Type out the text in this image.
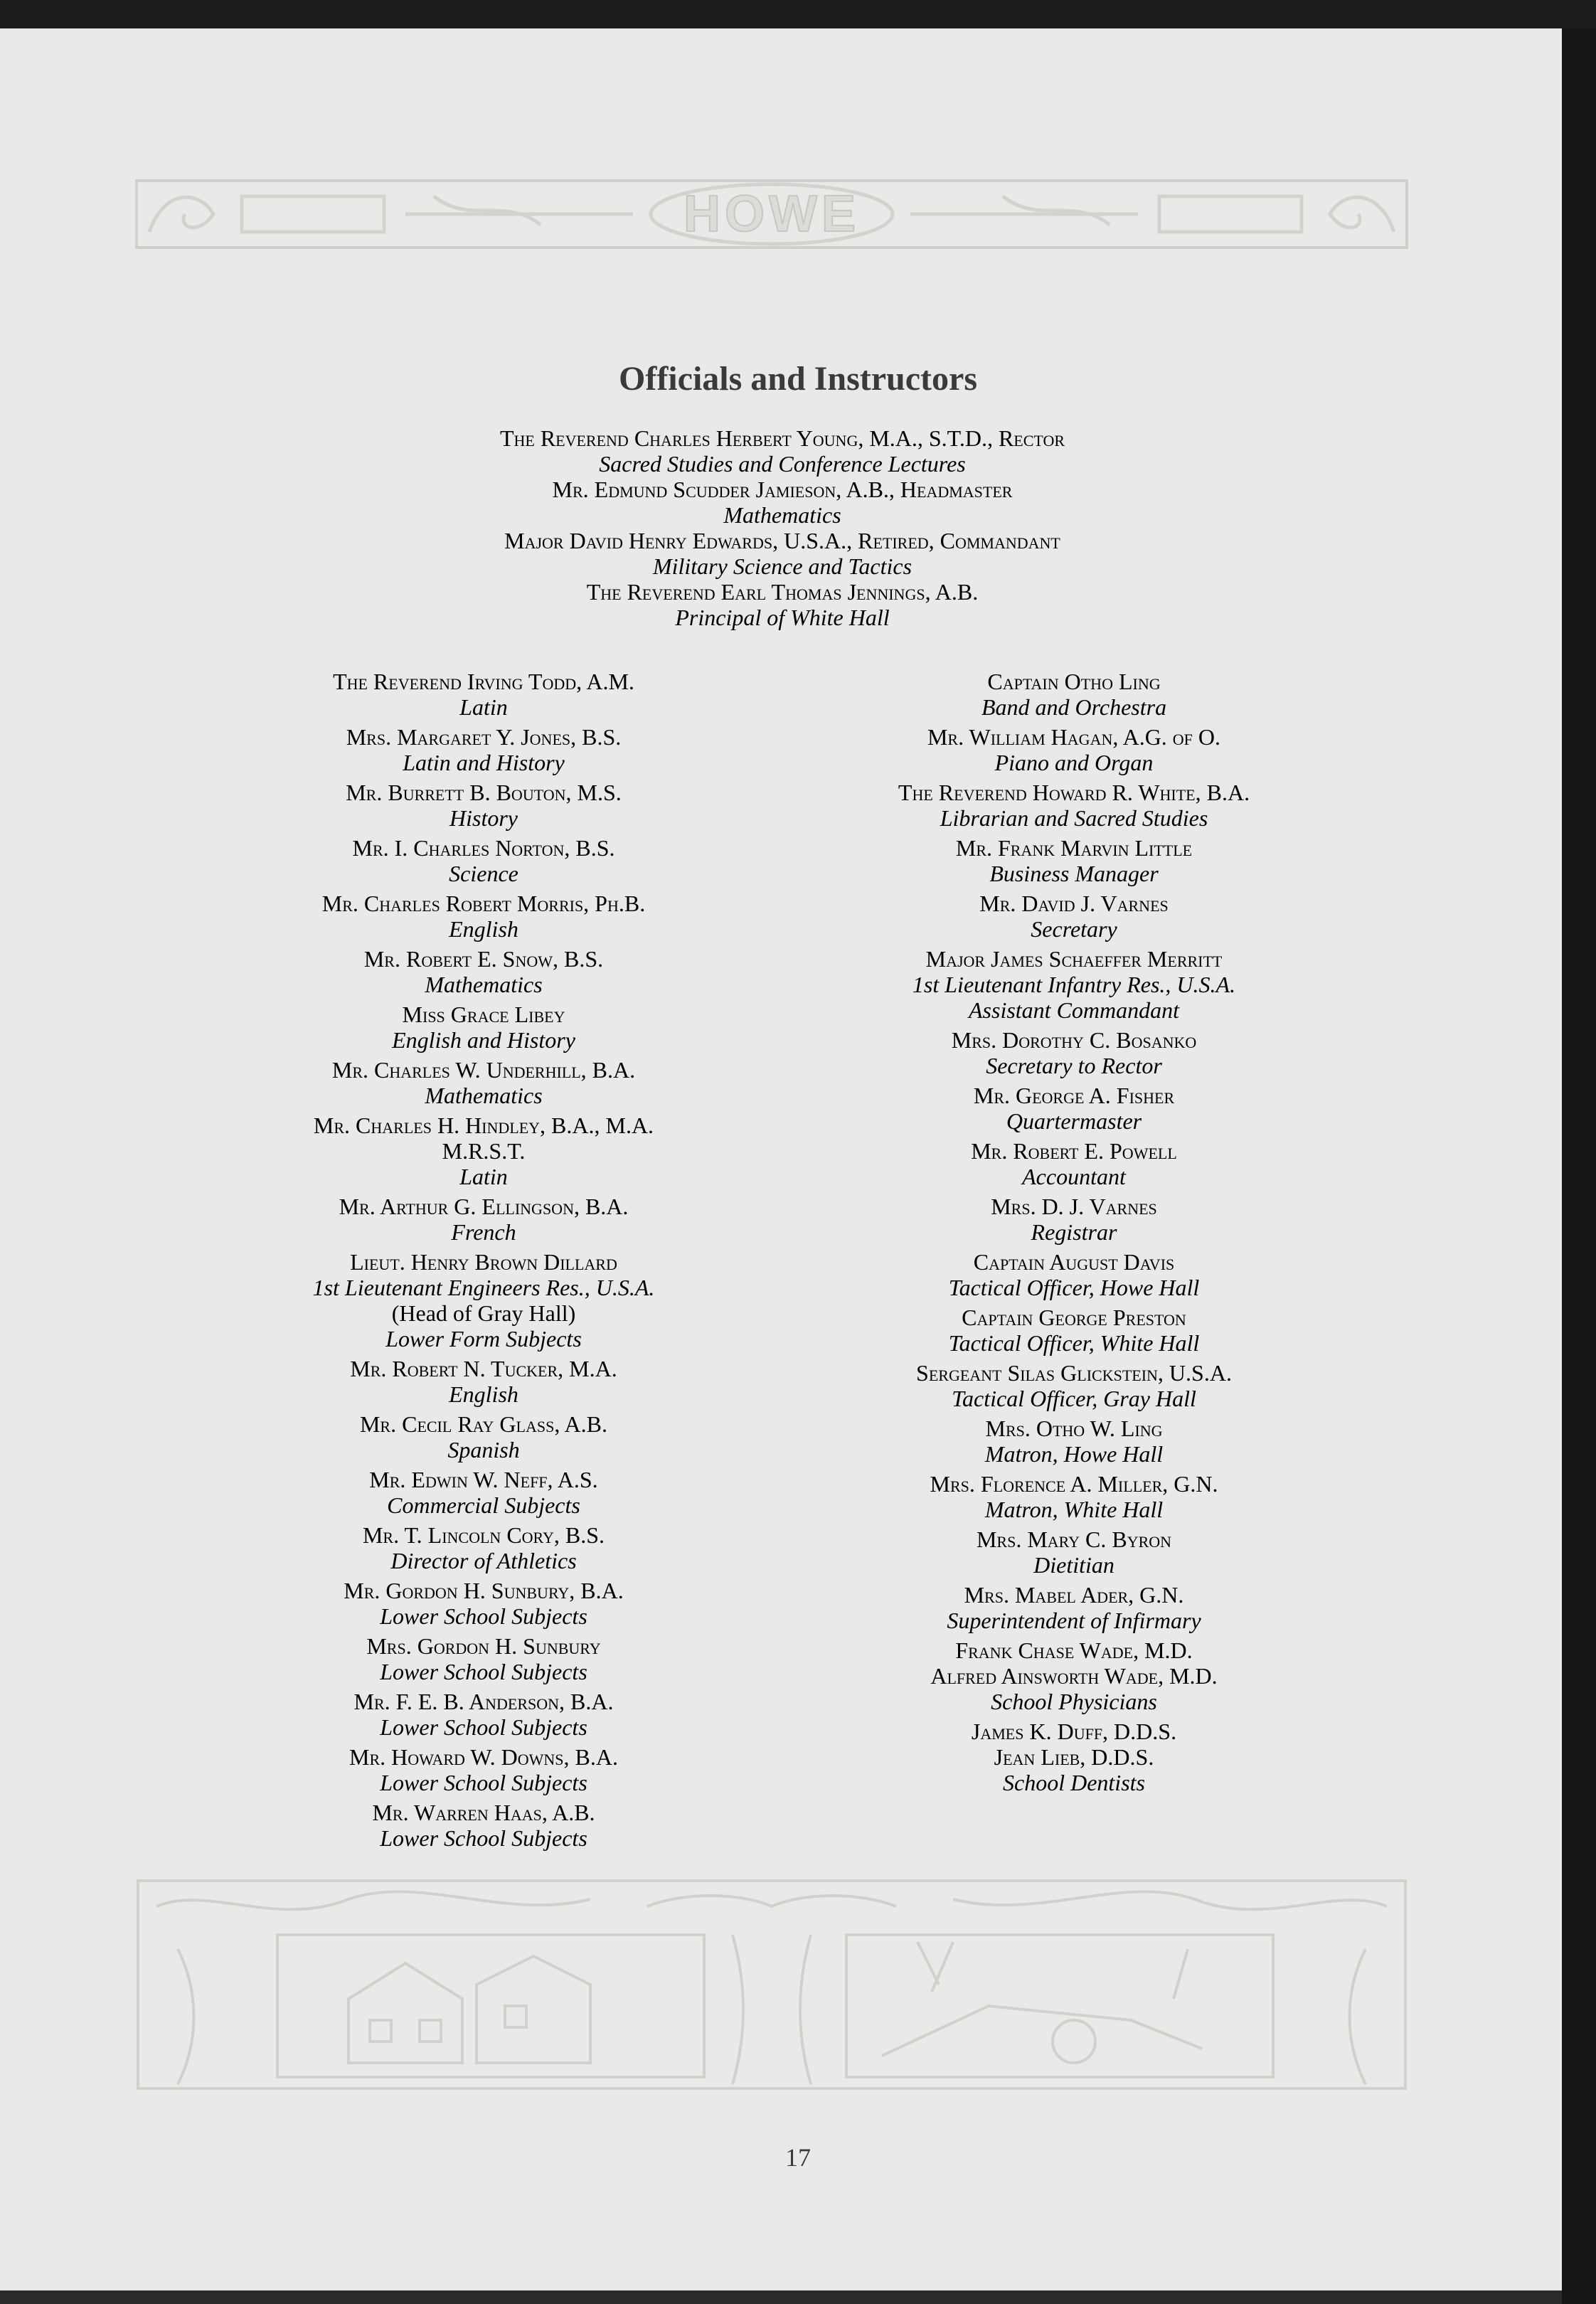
HOWE
Officials and Instructors
The Reverend Charles Herbert Young, M.A., S.T.D., Rector
Sacred Studies and Conference Lectures
Mr. Edmund Scudder Jamieson, A.B., Headmaster
Mathematics
Major David Henry Edwards, U.S.A., Retired, Commandant
Military Science and Tactics
The Reverend Earl Thomas Jennings, A.B.
Principal of White Hall
The Reverend Irving Todd, A.M.
Latin
Mrs. Margaret Y. Jones, B.S.
Latin and History
Mr. Burrett B. Bouton, M.S.
History
Mr. I. Charles Norton, B.S.
Science
Mr. Charles Robert Morris, Ph.B.
English
Mr. Robert E. Snow, B.S.
Mathematics
Miss Grace Libey
English and History
Mr. Charles W. Underhill, B.A.
Mathematics
Mr. Charles H. Hindley, B.A., M.A.
M.R.S.T.
Latin
Mr. Arthur G. Ellingson, B.A.
French
Lieut. Henry Brown Dillard
1st Lieutenant Engineers Res., U.S.A.
(Head of Gray Hall)
Lower Form Subjects
Mr. Robert N. Tucker, M.A.
English
Mr. Cecil Ray Glass, A.B.
Spanish
Mr. Edwin W. Neff, A.S.
Commercial Subjects
Mr. T. Lincoln Cory, B.S.
Director of Athletics
Mr. Gordon H. Sunbury, B.A.
Lower School Subjects
Mrs. Gordon H. Sunbury
Lower School Subjects
Mr. F. E. B. Anderson, B.A.
Lower School Subjects
Mr. Howard W. Downs, B.A.
Lower School Subjects
Mr. Warren Haas, A.B.
Lower School Subjects
Captain Otho Ling
Band and Orchestra
Mr. William Hagan, A.G. of O.
Piano and Organ
The Reverend Howard R. White, B.A.
Librarian and Sacred Studies
Mr. Frank Marvin Little
Business Manager
Mr. David J. Varnes
Secretary
Major James Schaeffer Merritt
1st Lieutenant Infantry Res., U.S.A.
Assistant Commandant
Mrs. Dorothy C. Bosanko
Secretary to Rector
Mr. George A. Fisher
Quartermaster
Mr. Robert E. Powell
Accountant
Mrs. D. J. Varnes
Registrar
Captain August Davis
Tactical Officer, Howe Hall
Captain George Preston
Tactical Officer, White Hall
Sergeant Silas Glickstein, U.S.A.
Tactical Officer, Gray Hall
Mrs. Otho W. Ling
Matron, Howe Hall
Mrs. Florence A. Miller, G.N.
Matron, White Hall
Mrs. Mary C. Byron
Dietitian
Mrs. Mabel Ader, G.N.
Superintendent of Infirmary
Frank Chase Wade, M.D.
Alfred Ainsworth Wade, M.D.
School Physicians
James K. Duff, D.D.S.
Jean Lieb, D.D.S.
School Dentists
17
